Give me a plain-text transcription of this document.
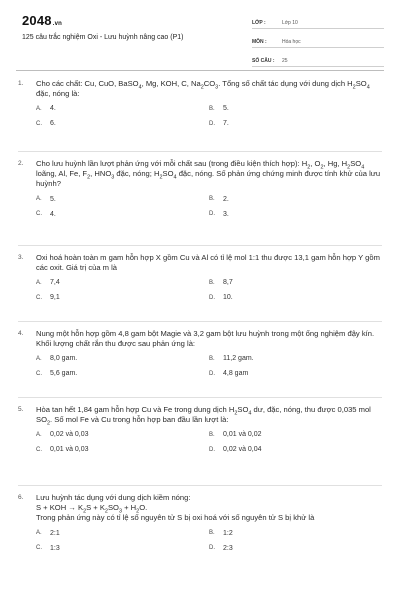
2048.vn
125 câu trắc nghiệm Oxi - Lưu huỳnh nâng cao (P1)
LỚP :	Lớp 10
MÔN :	Hóa học
SỐ CÂU :	25
1.	Cho các chất: Cu, CuO, BaSO$_4$, Mg, KOH, C, $Na_2CO_3$. Tổng số chất tác dụng với dung dịch $H_2SO_4$ đặc, nóng là:
A.	4.	B.	5.
C.	6.	D.	7.
2.	Cho lưu huỳnh lần lượt phản ứng với mỗi chất sau (trong điều kiện thích hợp): $H_2$, $O_2$, Hg, $H_2SO_4$ loãng, Al, Fe, $F_2$, $HNO_3$ đặc, nóng; $H_2SO_4$ đặc, nóng. Số phản ứng chứng minh được tính khử của lưu huỳnh?
A.	5.	B.	2.
C.	4.	D.	3.
3.	Oxi hoá hoàn toàn m gam hỗn hợp X gồm Cu và Al có tỉ lệ mol 1:1 thu được 13,1 gam hỗn hợp Y gồm các oxit. Giá trị của m là
A.	7,4	B.	8,7
C.	9,1	D.	10.
4.	Nung một hỗn hợp gồm 4,8 gam bột Magie và 3,2 gam bột lưu huỳnh trong một ống nghiệm đậy kín. Khối lượng chất rắn thu được sau phản ứng là:
A.	8,0 gam.	B.	11,2 gam.
C.	5,6 gam.	D.	4,8 gam
5.	Hòa tan hết 1,84 gam hỗn hợp Cu và Fe trong dung dịch $H_2SO_4$ dư, đặc, nóng, thu được 0,035 mol $SO_2$. Số mol Fe và Cu trong hỗn hợp ban đầu lần lượt là:
A.	0,02 và 0,03	B.	0,01 và 0,02
C.	0,01 và 0,03	D.	0,02 và 0,04
6.	Lưu huỳnh tác dụng với dung dịch kiềm nóng:
S + KOH → $K_2S + K_2SO_3 + H_2O$.
Trong phản ứng này có tỉ lệ số nguyên tử S bị oxi hoá với số nguyên tử S bị khử là
A.	2:1	B.	1:2
C.	1:3	D.	2:3
